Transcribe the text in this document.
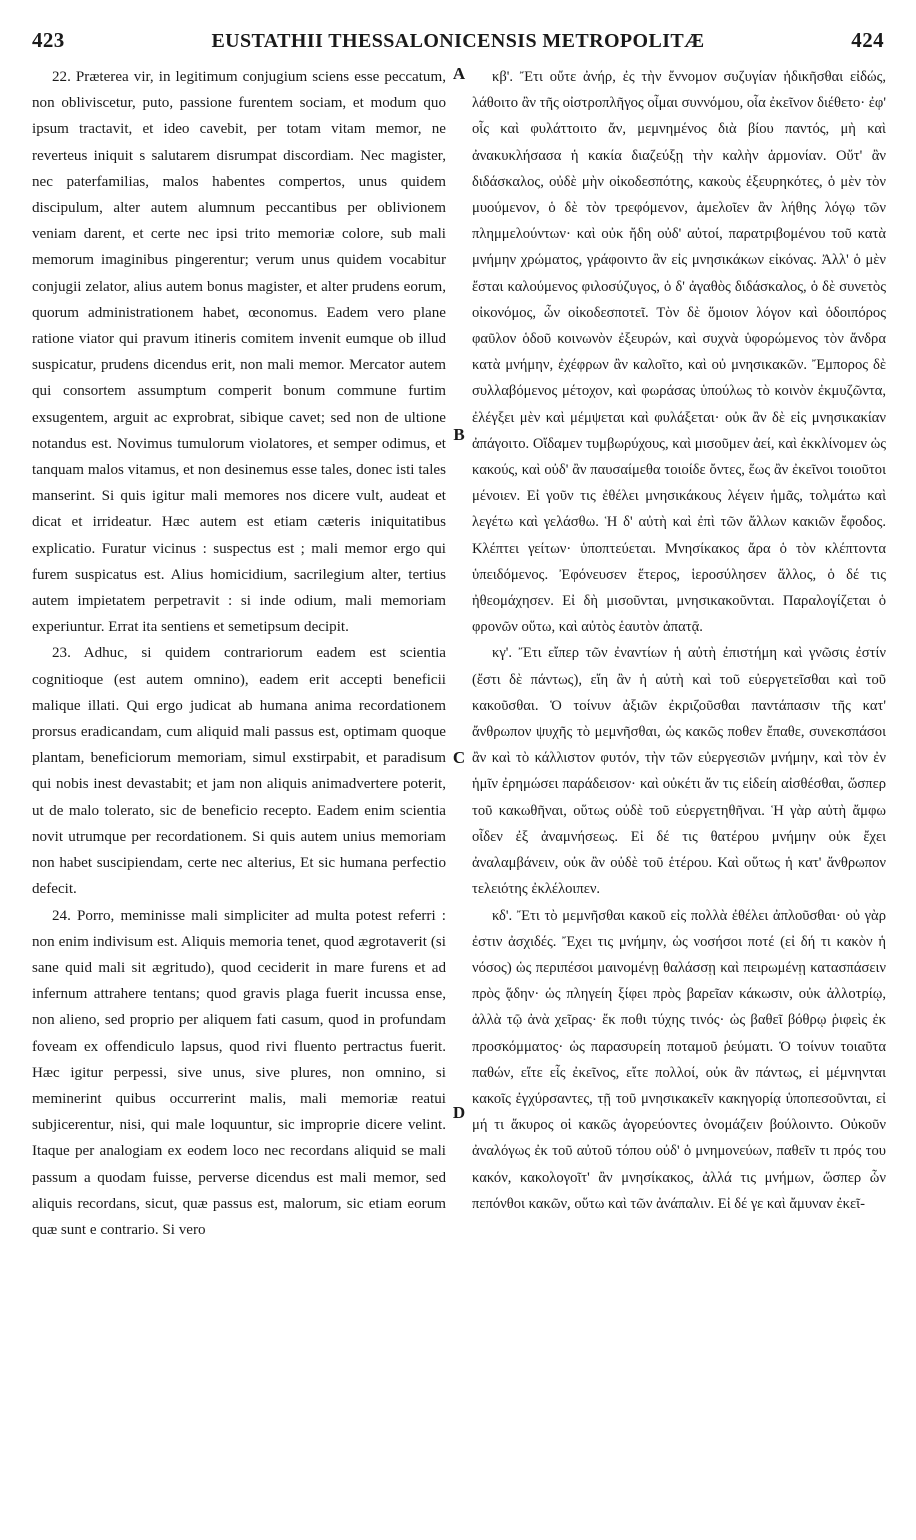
423	EUSTATHII THESSALONICENSIS METROPOLITÆ	424

22. Præterea vir, in legitimum conjugium sciens esse peccatum, non obliviscetur, puto, passione furentem sociam, et modum quo ipsum tractavit, et ideo cavebit, per totam vitam memor, ne reverteus iniquit s salutarem disrumpat discordiam. Nec magister, nec paterfamilias, malos habentes compertos, unus quidem discipulum, alter autem alumnum peccantibus per oblivionem veniam darent, et certe nec ipsi trito memoriæ colore, sub mali memorum imaginibus pingerentur; verum unus quidem vocabitur conjugii zelator, alius autem bonus magister, et alter prudens eorum, quorum administrationem habet, œconomus. Eadem vero plane ratione viator qui pravum itineris comitem invenit eumque ob illud suspicatur, prudens dicendus erit, non mali memor. Mercator autem qui consortem assumptum comperit bonum commune furtim exsugentem, arguit ac exprobrat, sibique cavet; sed non de ultione notandus est. Novimus tumulorum violatores, et semper odimus, et tanquam malos vitamus, et non desinemus esse tales, donec isti tales manserint. Si quis igitur mali memores nos dicere vult, audeat et dicat et irrideatur. Hæc autem est etiam cæteris iniquitatibus explicatio. Furatur vicinus : suspectus est ; mali memor ergo qui furem suspicatus est. Alius homicidium, sacrilegium alter, tertius autem impietatem perpetravit : si inde odium, mali memoriam experiuntur. Errat ita sentiens et semetipsum decipit.

23. Adhuc, si quidem contrariorum eadem est scientia cognitioque (est autem omnino), eadem erit accepti beneficii malique illati. Qui ergo judicat ab humana anima recordationem prorsus eradicandam, cum aliquid mali passus est, optimam quoque plantam, beneficiorum memoriam, simul exstirpabit, et paradisum qui nobis inest devastabit; et jam non aliquis animadvertere poterit, ut de malo tolerato, sic de beneficio recepto. Eadem enim scientia novit utrumque per recordationem. Si quis autem unius memoriam non habet suscipiendam, certe nec alterius, Et sic humana perfectio defecit.

24. Porro, meminisse mali simpliciter ad multa potest referri : non enim indivisum est. Aliquis memoria tenet, quod ægrotaverit (si sane quid mali sit ægritudo), quod ceciderit in mare furens et ad infernum attrahere tentans; quod gravis plaga fuerit incussa ense, non alieno, sed proprio per aliquem fati casum, quod in profundam foveam ex offendiculo lapsus, quod rivi fluento pertractus fuerit. Hæc igitur perpessi, sive unus, sive plures, non omnino, si meminerint quibus occurrerint malis, mali memoriæ reatui subjicerentur, nisi, qui male loquuntur, sic improprie dicere velint. Itaque per analogiam ex eodem loco nec recordans aliquid se mali passum a quodam fuisse, perverse dicendus est mali memor, sed aliquis recordans, sicut, quæ passus est, malorum, sic etiam eorum quæ sunt e contrario. Si vero

A
B
C
D

κβ'. Ἔτι οὔτε ἀνήρ, ἐς τὴν ἔννομον συζυγίαν ἡδικῆσθαι εἰδώς, λάθοιτο ἂν τῆς οἰστροπλῆγος οἶμαι συννόμου, οἷα ἐκεῖνον διέθετο· ἐφ' οἷς καὶ φυλάττοιτο ἄν, μεμνημένος διὰ βίου παντός, μὴ καὶ ἀνακυκλήσασα ἡ κακία διαζεύξῃ τὴν καλὴν ἁρμονίαν. Οὔτ' ἂν διδάσκαλος, οὐδὲ μὴν οἰκοδεσπότης, κακοὺς ἐξευρηκότες, ὁ μὲν τὸν μυούμενον, ὁ δὲ τὸν τρεφόμενον, ἀμελοῖεν ἂν λήθης λόγῳ τῶν πλημμελούντων· καὶ οὐκ ἤδη οὐδ' αὐτοί, παρατριβομένου τοῦ κατὰ μνήμην χρώματος, γράφοιντο ἂν εἰς μνησικάκων εἰκόνας. Ἀλλ' ὁ μὲν ἔσται καλούμενος φιλοσύζυγος, ὁ δ' ἀγαθὸς διδάσκαλος, ὁ δὲ συνετὸς οἰκονόμος, ὧν οἰκοδεσποτεῖ. Τὸν δὲ ὅμοιον λόγον καὶ ὁδοιπόρος φαῦλον ὁδοῦ κοινωνὸν ἐξευρών, καὶ συχνὰ ὑφορώμενος τὸν ἄνδρα κατὰ μνήμην, ἐχέφρων ἂν καλοῖτο, καὶ οὐ μνησικακῶν. Ἔμπορος δὲ συλλαβόμενος μέτοχον, καὶ φωράσας ὑπούλως τὸ κοινὸν ἐκμυζῶντα, ἐλέγξει μὲν καὶ μέμψεται καὶ φυλάξεται· οὐκ ἂν δὲ εἰς μνησικακίαν ἀπάγοιτο. Οἴδαμεν τυμβωρύχους, καὶ μισοῦμεν ἀεί, καὶ ἐκκλίνομεν ὡς κακούς, καὶ οὐδ' ἂν παυσαίμεθα τοιοίδε ὄντες, ἕως ἂν ἐκεῖνοι τοιοῦτοι μένοιεν. Εἰ γοῦν τις ἐθέλει μνησικάκους λέγειν ἡμᾶς, τολμάτω καὶ λεγέτω καὶ γελάσθω. Ἡ δ' αὐτὴ καὶ ἐπὶ τῶν ἄλλων κακιῶν ἔφοδος. Κλέπτει γείτων· ὑποπτεύεται. Μνησίκακος ἄρα ὁ τὸν κλέπτοντα ὑπειδόμενος. Ἐφόνευσεν ἕτερος, ἱεροσύλησεν ἄλλος, ὁ δέ τις ἠθεομάχησεν. Εἰ δὴ μισοῦνται, μνησικακοῦνται. Παραλογίζεται ὁ φρονῶν οὕτω, καὶ αὐτὸς ἑαυτὸν ἀπατᾷ.

κγ'. Ἔτι εἴπερ τῶν ἐναντίων ἡ αὐτὴ ἐπιστήμη καὶ γνῶσις ἐστίν (ἔστι δὲ πάντως), εἴη ἂν ἡ αὐτὴ καὶ τοῦ εὐεργετεῖσθαι καὶ τοῦ κακοῦσθαι. Ὁ τοίνυν ἀξιῶν ἐκριζοῦσθαι παντάπασιν τῆς κατ' ἄνθρωπον ψυχῆς τὸ μεμνῆσθαι, ὡς κακῶς ποθεν ἔπαθε, συνεκσπάσοι ἂν καὶ τὸ κάλλιστον φυτόν, τὴν τῶν εὐεργεσιῶν μνήμην, καὶ τὸν ἐν ἡμῖν ἐρημώσει παράδεισον· καὶ οὐκέτι ἄν τις εἰδείη αἰσθέσθαι, ὥσπερ τοῦ κακωθῆναι, οὕτως οὐδὲ τοῦ εὐεργετηθῆναι. Ἡ γὰρ αὐτὴ ἄμφω οἶδεν ἐξ ἀναμνήσεως. Εἰ δέ τις θατέρου μνήμην οὐκ ἔχει ἀναλαμβάνειν, οὐκ ἂν οὐδὲ τοῦ ἑτέρου. Καὶ οὕτως ἡ κατ' ἄνθρωπον τελειότης ἐκλέλοιπεν.

κδ'. Ἔτι τὸ μεμνῆσθαι κακοῦ εἰς πολλὰ ἐθέλει ἀπλοῦσθαι· οὐ γὰρ ἐστιν ἀσχιδές. Ἔχει τις μνήμην, ὡς νοσήσοι ποτέ (εἰ δή τι κακὸν ἡ νόσος) ὡς περιπέσοι μαινομένῃ θαλάσσῃ καὶ πειρωμένῃ κατασπάσειν πρὸς ᾅδην· ὡς πληγείη ξίφει πρὸς βαρεῖαν κάκωσιν, οὐκ ἀλλοτρίῳ, ἀλλὰ τῷ ἀνὰ χεῖρας· ἔκ ποθι τύχης τινός· ὡς βαθεῖ βόθρῳ ῥιφεὶς ἐκ προσκόμματος· ὡς παρασυρείη ποταμοῦ ῥεύματι. Ὁ τοίνυν τοιαῦτα παθών, εἴτε εἷς ἐκεῖνος, εἴτε πολλοί, οὐκ ἂν πάντως, εἰ μέμνηνται κακοῖς ἐγχύρσαντες, τῇ τοῦ μνησικακεῖν κακηγορίᾳ ὑποπεσοῦνται, εἰ μή τι ἄκυρος οἱ κακῶς ἀγορεύοντες ὀνομάζειν βούλοιντο. Οὐκοῦν ἀναλόγως ἐκ τοῦ αὐτοῦ τόπου οὐδ' ὁ μνημονεύων, παθεῖν τι πρός του κακόν, κακολογοῖτ' ἂν μνησίκακος, ἀλλά τις μνήμων, ὥσπερ ὧν πεπόνθοι κακῶν, οὕτω καὶ τῶν ἀνάπαλιν. Εἰ δέ γε καὶ ἄμυναν ἐκεῖ-
